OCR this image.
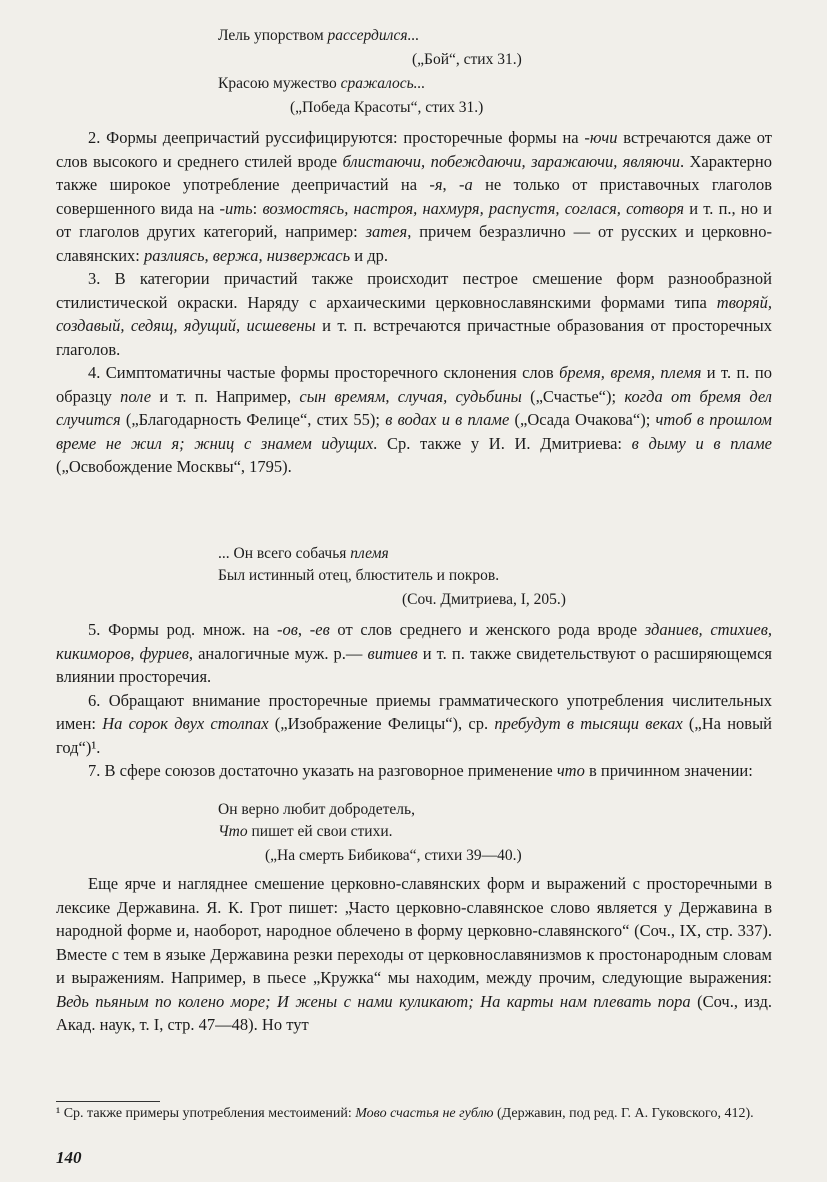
Лель упорством рассердился...
(„Бой“, стих 31.)
Красою мужество сражалось...
(„Победа Красоты“, стих 31.)

2. Формы деепричастий руссифицируются: просторечные формы на -ючи встречаются даже от слов высокого и среднего стилей вроде блистаючи, побеждаючи, заражаючи, являючи. Характерно также широкое употребление деепричастий на -я, -а не только от приставочных глаголов совершенного вида на -ить: возмостясь, настроя, нахмуря, распустя, соглася, сотворя и т. п., но и от глаголов других категорий, например: затея, причем безразлично — от русских и церковно-славянских: разлиясь, вержа, низвержась и др.

3. В категории причастий также происходит пестрое смешение форм разнообразной стилистической окраски. Наряду с архаическими церковнославянскими формами типа творяй, создавый, седящ, ядущий, исшевены и т. п. встречаются причастные образования от просторечных глаголов.

4. Симптоматичны частые формы просторечного склонения слов бремя, время, племя и т. п. по образцу поле и т. п. Например, сын времям, случая, судьбины („Счастье“); когда от бремя дел случится („Благодарность Фелице“, стих 55); в водах и в пламе („Осада Очакова“); чтоб в прошлом време не жил я; жниц с знамем идущих. Ср. также у И. И. Дмитриева: в дыму и в пламе („Освобождение Москвы“, 1795).

... Он всего собачья племя
Был истинный отец, блюститель и покров.
(Соч. Дмитриева, I, 205.)

5. Формы род. множ. на -ов, -ев от слов среднего и женского рода вроде зданиев, стихиев, кикиморов, фуриев, аналогичные муж. р.— витиев и т. п. также свидетельствуют о расширяющемся влиянии просторечия.

6. Обращают внимание просторечные приемы грамматического употребления числительных имен: На сорок двух столпах („Изображение Фелицы“), ср. пребудут в тысящи веках („На новый год“)¹.

7. В сфере союзов достаточно указать на разговорное применение что в причинном значении:

Он верно любит добродетель,
Что пишет ей свои стихи.
(„На смерть Бибикова“, стихи 39—40.)

Еще ярче и нагляднее смешение церковно-славянских форм и выражений с просторечными в лексике Державина. Я. К. Грот пишет: „Часто церковно-славянское слово является у Державина в народной форме и, наоборот, народное облечено в форму церковно-славянского“ (Соч., IX, стр. 337). Вместе с тем в языке Державина резки переходы от церковнославянизмов к простонародным словам и выражениям. Например, в пьесе „Кружка“ мы находим, между прочим, следующие выражения: Ведь пьяным по колено море; И жены с нами куликают; На карты нам плевать пора (Соч., изд. Акад. наук, т. I, стр. 47—48). Но тут

¹ Ср. также примеры употребления местоимений: Мово счастья не гублю (Державин, под ред. Г. А. Гуковского, 412).
140
